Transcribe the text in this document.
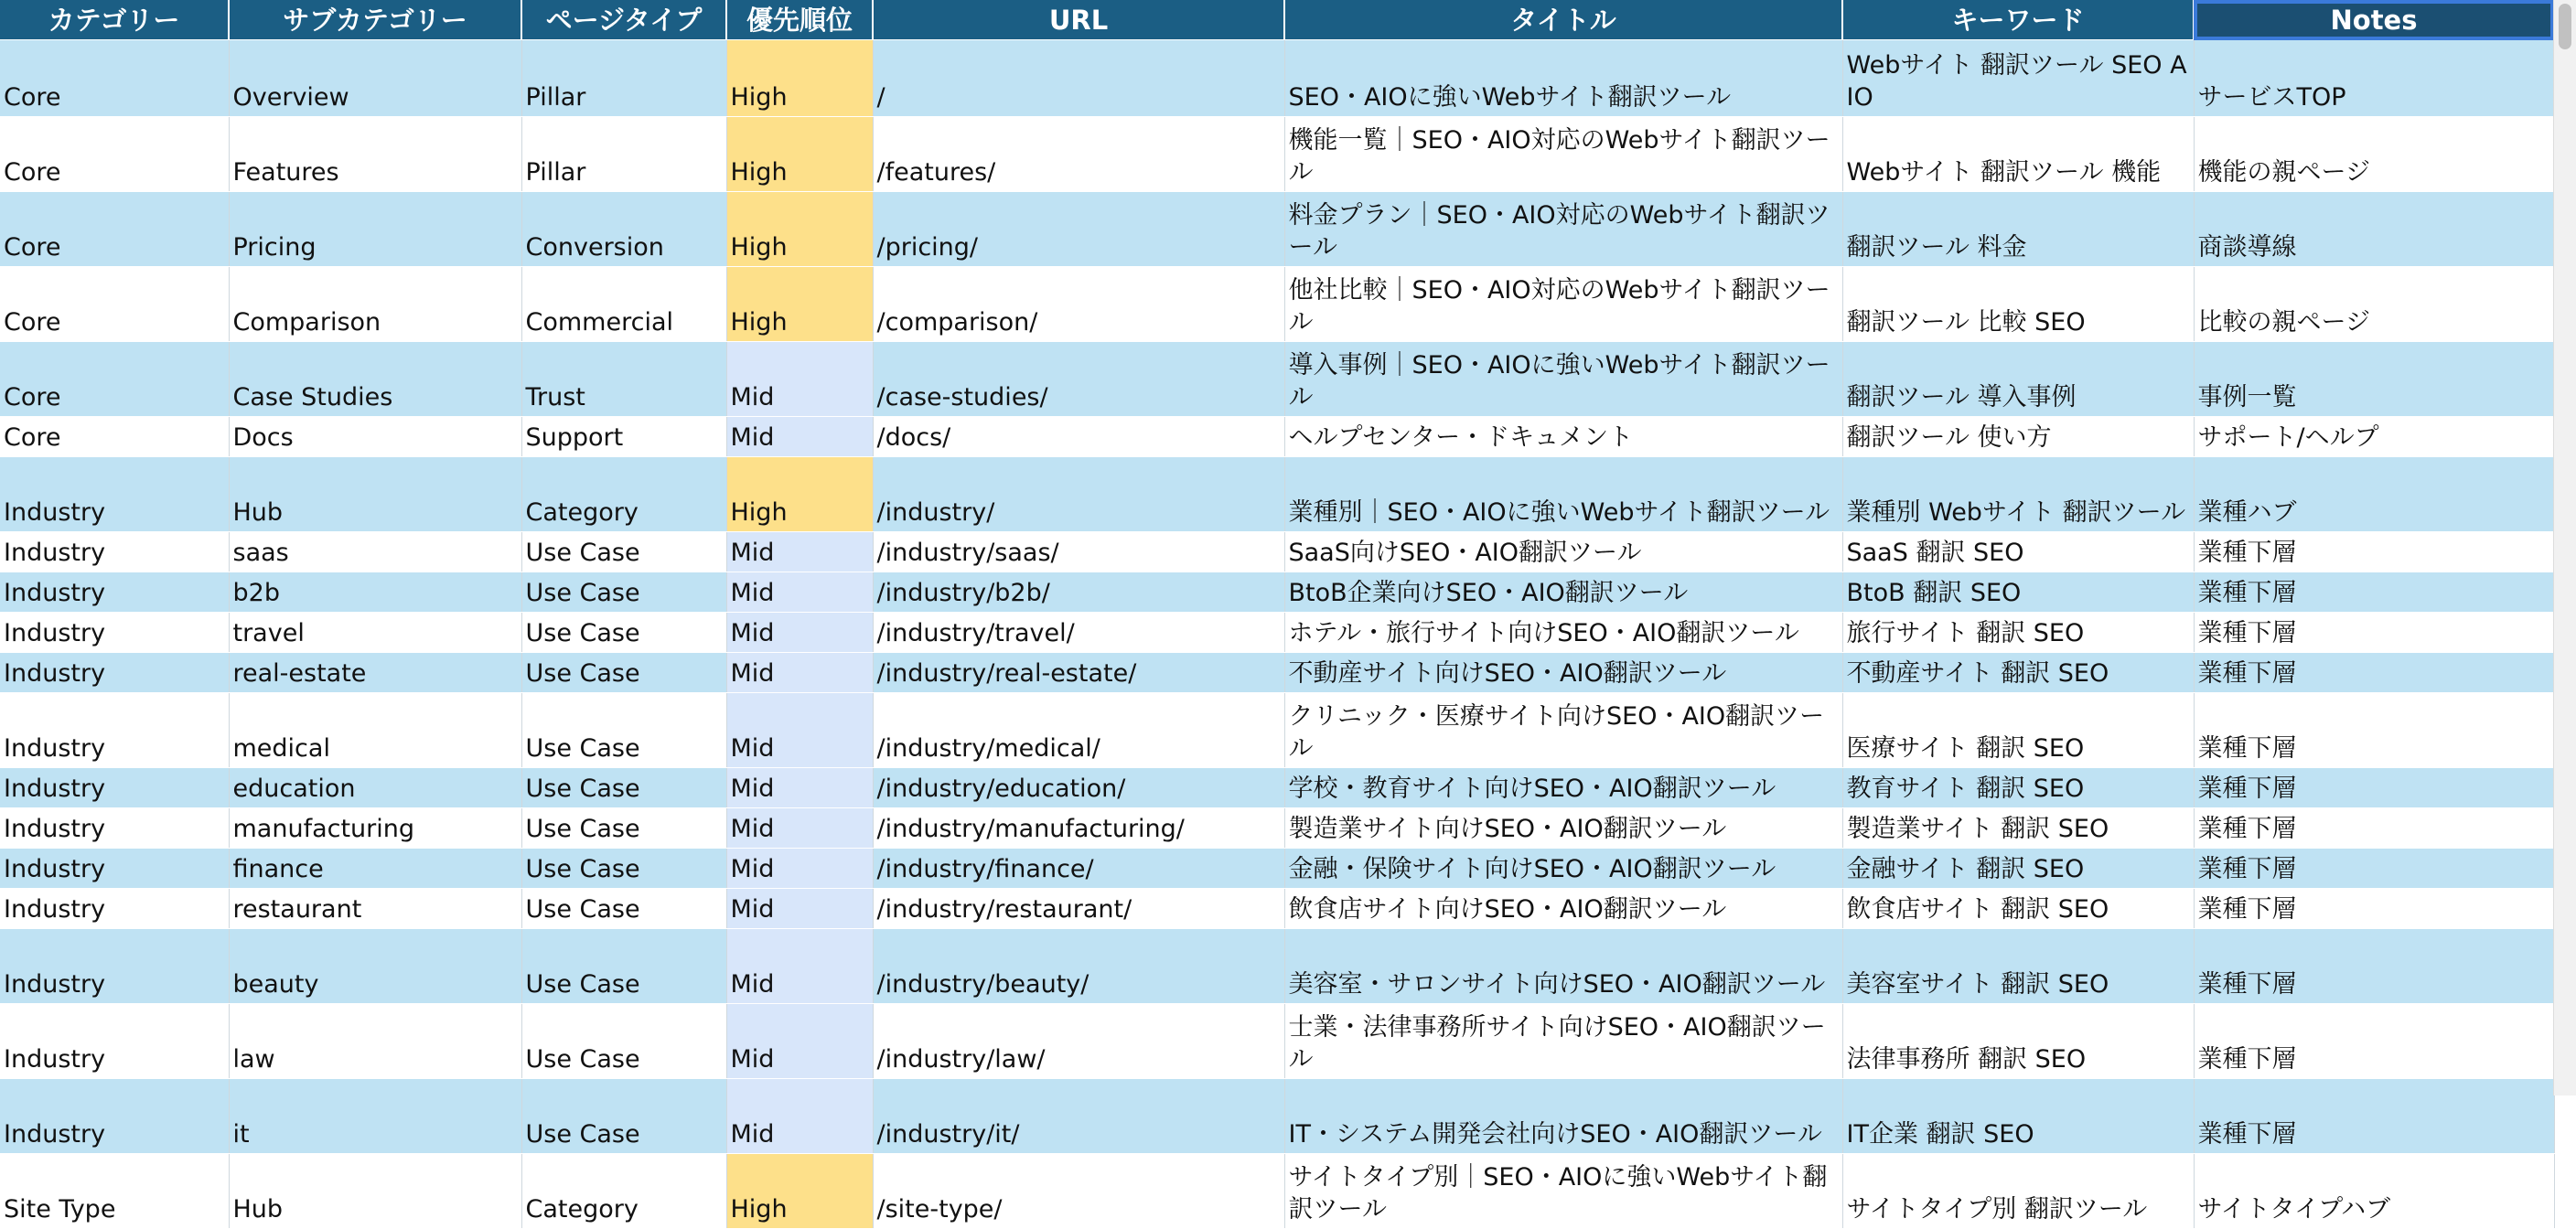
カテゴリー	サブカテゴリー	ページタイプ	優先順位	URL	タイトル	キーワード	Notes
Core	Overview	Pillar	High	/	SEO・AIOに強いWebサイト翻訳ツール	Webサイト 翻訳ツール SEO AIO	サービスTOP
Core	Features	Pillar	High	/features/	機能一覧｜SEO・AIO対応のWebサイト翻訳ツール	Webサイト 翻訳ツール 機能	機能の親ページ
Core	Pricing	Conversion	High	/pricing/	料金プラン｜SEO・AIO対応のWebサイト翻訳ツール	翻訳ツール 料金	商談導線
Core	Comparison	Commercial	High	/comparison/	他社比較｜SEO・AIO対応のWebサイト翻訳ツール	翻訳ツール 比較 SEO	比較の親ページ
Core	Case Studies	Trust	Mid	/case-studies/	導入事例｜SEO・AIOに強いWebサイト翻訳ツール	翻訳ツール 導入事例	事例一覧
Core	Docs	Support	Mid	/docs/	ヘルプセンター・ドキュメント	翻訳ツール 使い方	サポート/ヘルプ
Industry	Hub	Category	High	/industry/	業種別｜SEO・AIOに強いWebサイト翻訳ツール	業種別 Webサイト 翻訳ツール	業種ハブ
Industry	saas	Use Case	Mid	/industry/saas/	SaaS向けSEO・AIO翻訳ツール	SaaS 翻訳 SEO	業種下層
Industry	b2b	Use Case	Mid	/industry/b2b/	BtoB企業向けSEO・AIO翻訳ツール	BtoB 翻訳 SEO	業種下層
Industry	travel	Use Case	Mid	/industry/travel/	ホテル・旅行サイト向けSEO・AIO翻訳ツール	旅行サイト 翻訳 SEO	業種下層
Industry	real-estate	Use Case	Mid	/industry/real-estate/	不動産サイト向けSEO・AIO翻訳ツール	不動産サイト 翻訳 SEO	業種下層
Industry	medical	Use Case	Mid	/industry/medical/	クリニック・医療サイト向けSEO・AIO翻訳ツール	医療サイト 翻訳 SEO	業種下層
Industry	education	Use Case	Mid	/industry/education/	学校・教育サイト向けSEO・AIO翻訳ツール	教育サイト 翻訳 SEO	業種下層
Industry	manufacturing	Use Case	Mid	/industry/manufacturing/	製造業サイト向けSEO・AIO翻訳ツール	製造業サイト 翻訳 SEO	業種下層
Industry	finance	Use Case	Mid	/industry/finance/	金融・保険サイト向けSEO・AIO翻訳ツール	金融サイト 翻訳 SEO	業種下層
Industry	restaurant	Use Case	Mid	/industry/restaurant/	飲食店サイト向けSEO・AIO翻訳ツール	飲食店サイト 翻訳 SEO	業種下層
Industry	beauty	Use Case	Mid	/industry/beauty/	美容室・サロンサイト向けSEO・AIO翻訳ツール	美容室サイト 翻訳 SEO	業種下層
Industry	law	Use Case	Mid	/industry/law/	士業・法律事務所サイト向けSEO・AIO翻訳ツール	法律事務所 翻訳 SEO	業種下層
Industry	it	Use Case	Mid	/industry/it/	IT・システム開発会社向けSEO・AIO翻訳ツール	IT企業 翻訳 SEO	業種下層
Site Type	Hub	Category	High	/site-type/	サイトタイプ別｜SEO・AIOに強いWebサイト翻訳ツール	サイトタイプ別 翻訳ツール	サイトタイプハブ
